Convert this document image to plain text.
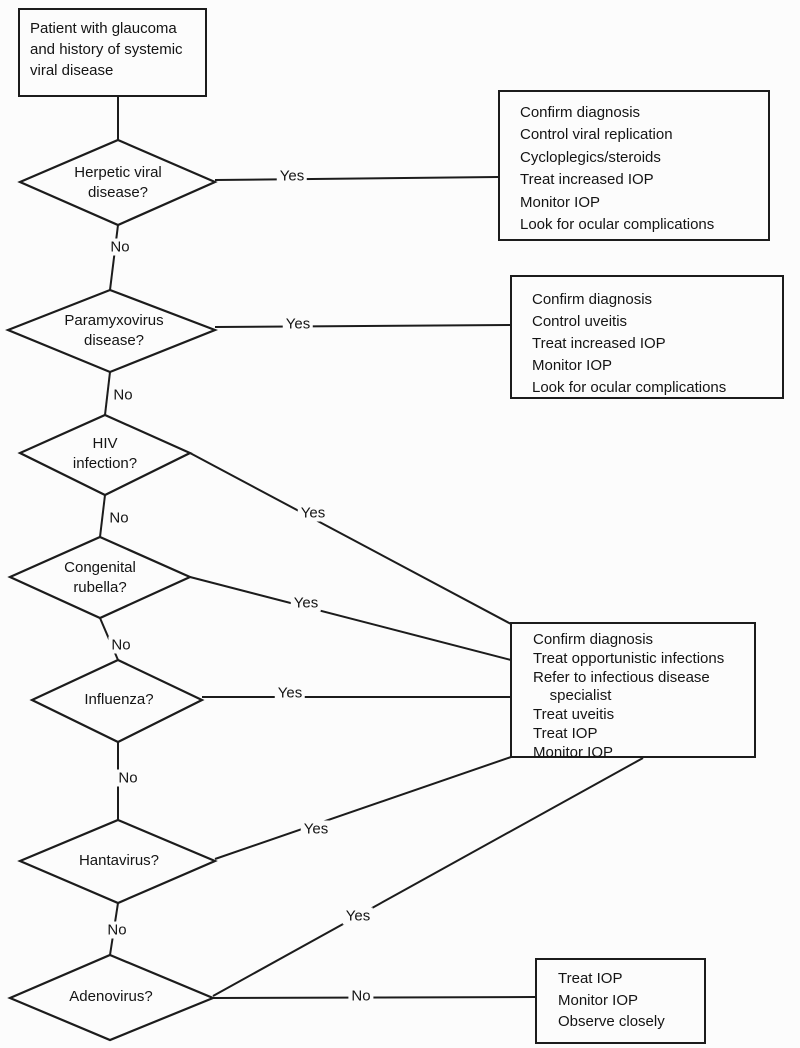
Patient with glaucoma
and history of systemic
viral disease
Confirm diagnosis
Control viral replication
Cycloplegics/steroids
Treat increased IOP
Monitor IOP
Look for ocular complications
Confirm diagnosis
Control uveitis
Treat increased IOP
Monitor IOP
Look for ocular complications
Confirm diagnosis
Treat opportunistic infections
Refer to infectious disease
specialist
Treat uveitis
Treat IOP
Monitor IOP
Treat IOP
Monitor IOP
Observe closely
Herpetic viral
disease?
Paramyxovirus
disease?
HIV
infection?
Congenital
rubella?
Influenza?
Hantavirus?
Adenovirus?
Yes
No
Yes
No
Yes
No
Yes
No
Yes
No
Yes
No
Yes
No
